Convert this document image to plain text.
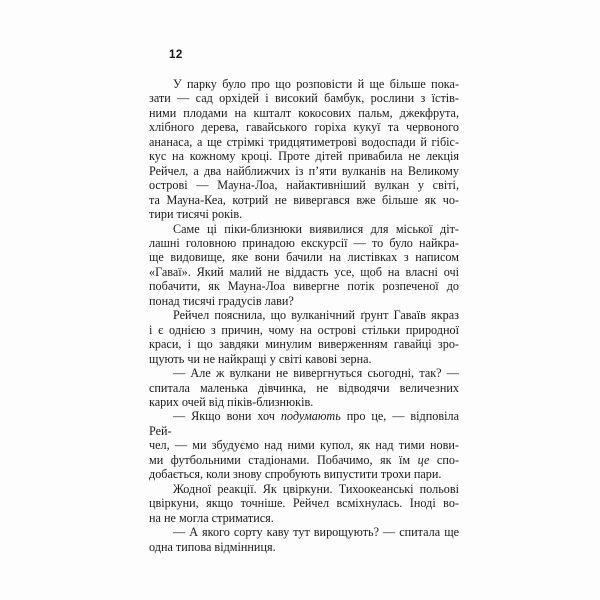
12
У парку було про що розповісти й ще більше пока-
зати — сад орхідей і високий бамбук, рослини з їстів-
ними плодами на кшталт кокосових пальм, джекфрута,
хлібного дерева, гавайського горіха кукуї та червоного
ананаса, а ще стрімкі тридцятиметрові водоспади й гібіс-
кус на кожному кроці. Проте дітей привабила не лекція
Рейчел, а два найближчих із п’яти вулканів на Великому
острові — Мауна-Лоа, найактивніший вулкан у світі,
та Мауна-Кеа, котрий не вивергався вже більше як чо-
тири тисячі років.
Саме ці піки-близнюки виявилися для міської діт-
лашні головною принадою екскурсії — то було найкра-
ще видовище, яке вони бачили на листівках з написом
«Гаваї». Який малий не віддасть усе, щоб на власні очі
побачити, як Мауна-Лоа вивергне потік розпеченої до
понад тисячі градусів лави?
Рейчел пояснила, що вулканічний ґрунт Гаваїв якраз
і є однією з причин, чому на острові стільки природної
краси, і що завдяки минулим виверженням гавайці зро-
щують чи не найкращі у світі кавові зерна.
— Але ж вулкани не вивергнуться сьогодні, так? —
спитала маленька дівчинка, не відводячи величезних
карих очей від піків-близнюків.
— Якщо вони хоч подумають про це, — відповіла Рей-
чел, — ми збудуємо над ними купол, як над тими нови-
ми футбольними стадіонами. Побачимо, як їм це спо-
добається, коли знову спробують випустити трохи пари.
Жодної реакції. Як цвіркуни. Тихоокеанські польові
цвіркуни, якщо точніше. Рейчел всміхнулась. Іноді во-
на не могла стриматися.
— А якого сорту каву тут вирощують? — спитала ще
одна типова відмінниця.
